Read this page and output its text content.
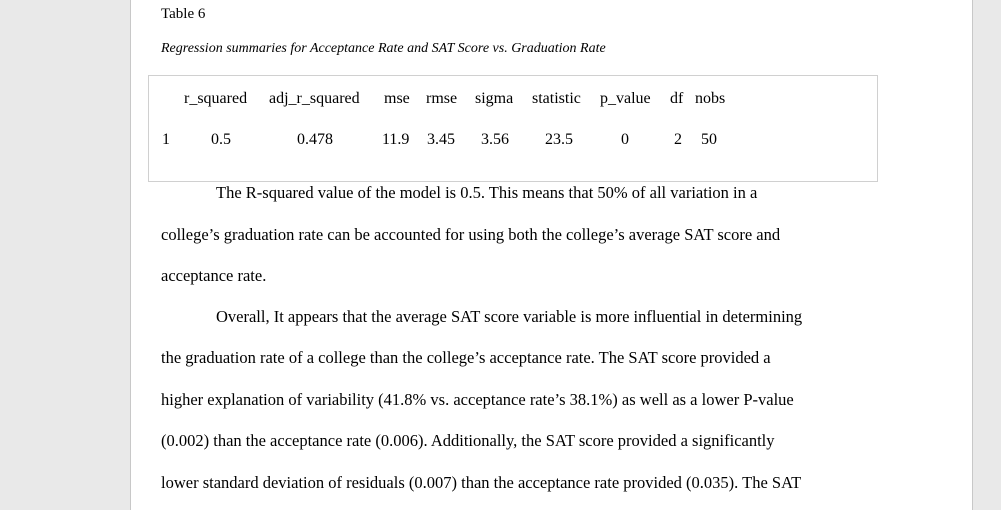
Table 6
Regression summaries for Acceptance Rate and SAT Score vs. Graduation Rate
r_squared adj_r_squared mse rmse sigma statistic p_value df nobs
1	0.5	0.478	11.9 3.45 3.56 23.5	0	2 50
The R-squared value of the model is 0.5. This means that 50% of all variation in a
college’s graduation rate can be accounted for using both the college’s average SAT score and
acceptance rate.
Overall, It appears that the average SAT score variable is more influential in determining
the graduation rate of a college than the college’s acceptance rate. The SAT score provided a
higher explanation of variability (41.8% vs. acceptance rate’s 38.1%) as well as a lower P-value
(0.002) than the acceptance rate (0.006). Additionally, the SAT score provided a significantly
lower standard deviation of residuals (0.007) than the acceptance rate provided (0.035). The SAT
